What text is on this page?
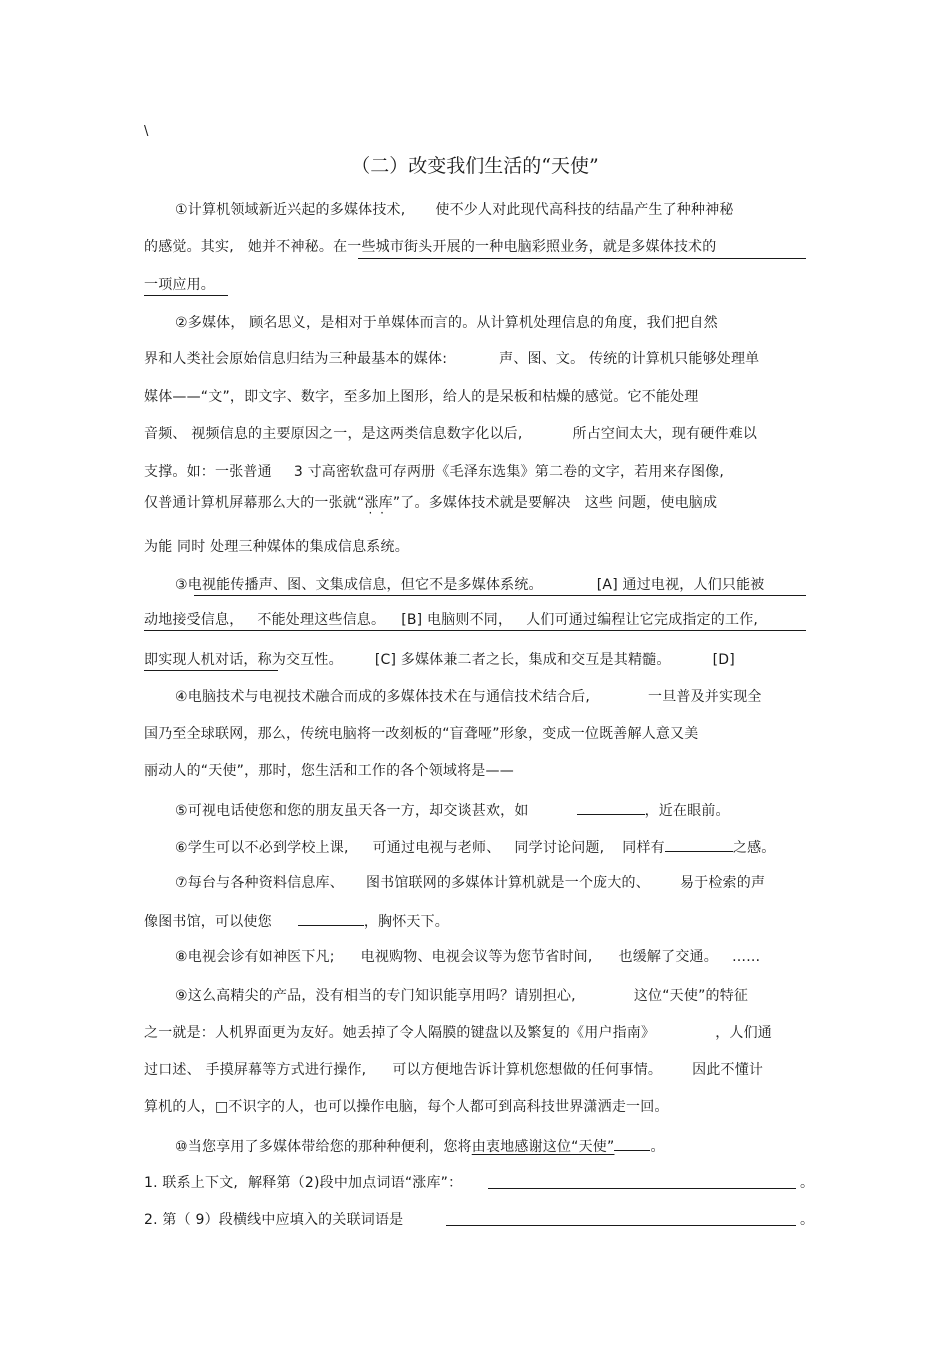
\
（二）改变我们生活的“天使”
①计算机领域新近兴起的多媒体技术, 使不少人对此现代高科技的结晶产生了种种神秘
的感觉。其实, 她并不神秘。在一些城市街头开展的一种电脑彩照业务，就是多媒体技术的
一项应用。
②多媒体， 顾名思义，是相对于单媒体而言的。从计算机处理信息的角度，我们把自然
界和人类社会原始信息归结为三种最基本的媒体:	声、图、文。 传统的计算机只能够处理单
媒体——“文”，即文字、数字，至多加上图形，给人的是呆板和枯燥的感觉。它不能处理
音频、 视频信息的主要原因之一，是这两类信息数字化以后,	所占空间太大，现有硬件难以
支撑。如：一张普通 3 寸高密软盘可存两册《毛泽东选集》第二卷的文字，若用来存图像,
仅普通计算机屏幕那么大的一张就“涨库 · ·”了。多媒体技术就是要解决 这些 问题，使电脑成
为能 同时 处理三种媒体的集成信息系统。
③电视能传播声、图、文集成信息，但它不是多媒体系统。	[A] 通过电视，人们只能被
动地接受信息， 不能处理这些信息。 [B] 电脑则不同， 人们可通过编程让它完成指定的工作,
即实现人机对话，称为交互性。 [C] 多媒体兼二者之长，集成和交互是其精髓。	[D]
④电脑技术与电视技术融合而成的多媒体技术在与通信技术结合后,	一旦普及并实现全
国乃至全球联网，那么，传统电脑将一改刻板的“盲聋哑”形象，变成一位既善解人意又美
丽动人的“天使”，那时，您生活和工作的各个领域将是——
⑤可视电话使您和您的朋友虽天各一方，却交谈甚欢，如	，近在眼前。
⑥学生可以不必到学校上课, 可通过电视与老师、 同学讨论问题, 同样有	之感。
⑦每台与各种资料信息库、 图书馆联网的多媒体计算机就是一个庞大的、 易于检索的声
像图书馆，可以使您	，胸怀天下。
⑧电视会诊有如神医下凡; 电视购物、电视会议等为您节省时间, 也缓解了交通。 ……
⑨这么高精尖的产品，没有相当的专门知识能享用吗？请别担心,	这位“天使”的特征
之一就是：人机界面更为友好。她丢掉了令人隔膜的键盘以及繁复的《用户指南》	，人们通
过口述、 手摸屏幕等方式进行操作, 可以方便地告诉计算机您想做的任何事情。 因此不懂计
算机的人，□不识字的人，也可以操作电脑，每个人都可到高科技世界潇洒走一回。
⑩当您享用了多媒体带给您的那种种便利，您将由衷地感谢这位“天使”	。
1. 联系上下文, 解释第（2)段中加点词语“涨库”：	。
2. 第（ 9）段横线中应填入的关联词语是	。
